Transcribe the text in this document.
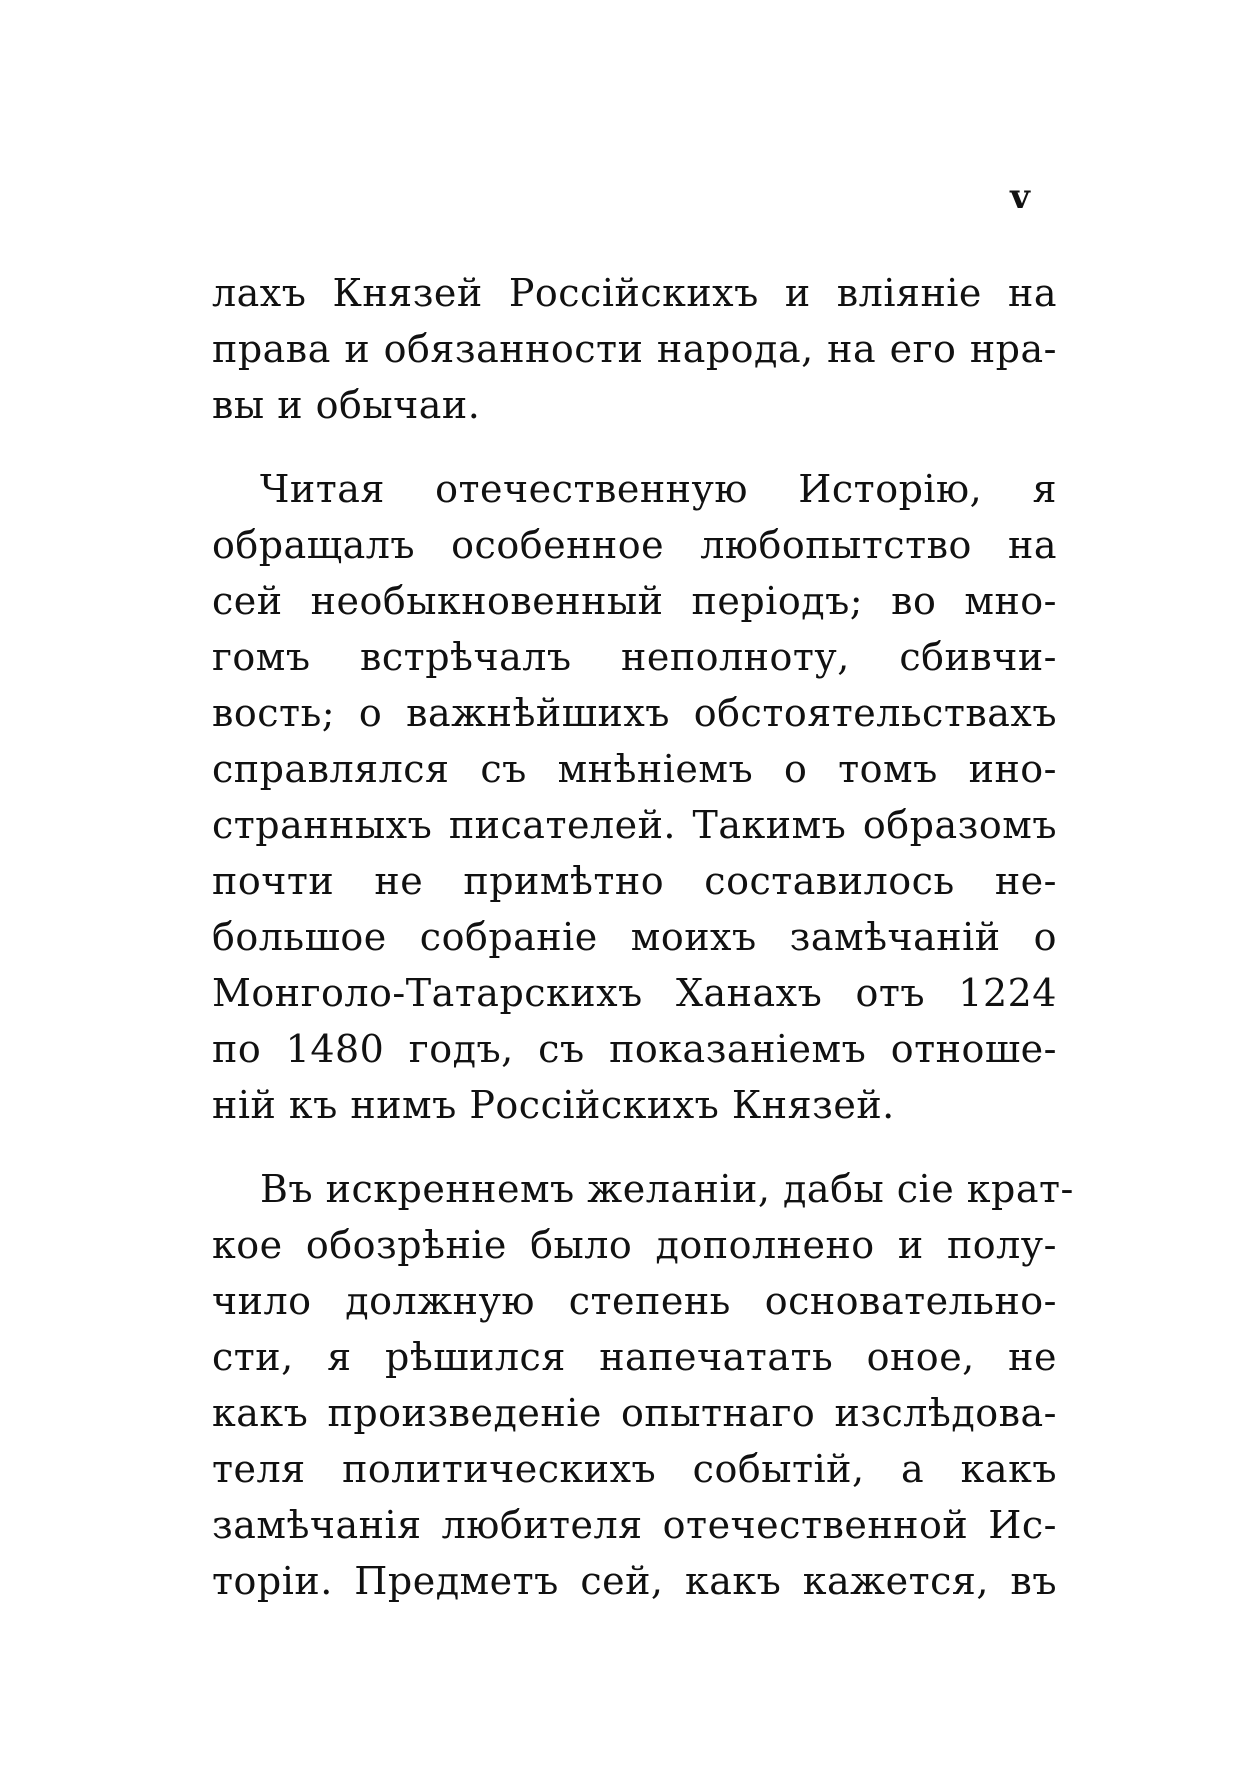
v
лахъ Князей Россiйскихъ и влiянiе на
права и обязанности народа, на его нра-
вы и обычаи.
Читая отечественную Исторiю, я
обращалъ особенное любопытство на
сей необыкновенный перiодъ; во мно-
гомъ встрѣчалъ неполноту, сбивчи-
вость; о важнѣйшихъ обстоятельствахъ
справлялся съ мнѣнiемъ о томъ ино-
странныхъ писателей. Такимъ образомъ
почти не примѣтно составилось не-
большое собранiе моихъ замѣчанiй о
Монголо-Татарскихъ Ханахъ отъ 1224
по 1480 годъ, съ показанiемъ отноше-
нiй къ нимъ Россiйскихъ Князей.
Въ искреннемъ желанiи, дабы сiе крат-
кое обозрѣнiе было дополнено и полу-
чило должную степень основательно-
сти, я рѣшился напечатать оное, не
какъ произведенiе опытнаго изслѣдова-
теля политическихъ событiй, а какъ
замѣчанiя любителя отечественной Ис-
торiи. Предметъ сей, какъ кажется, въ
